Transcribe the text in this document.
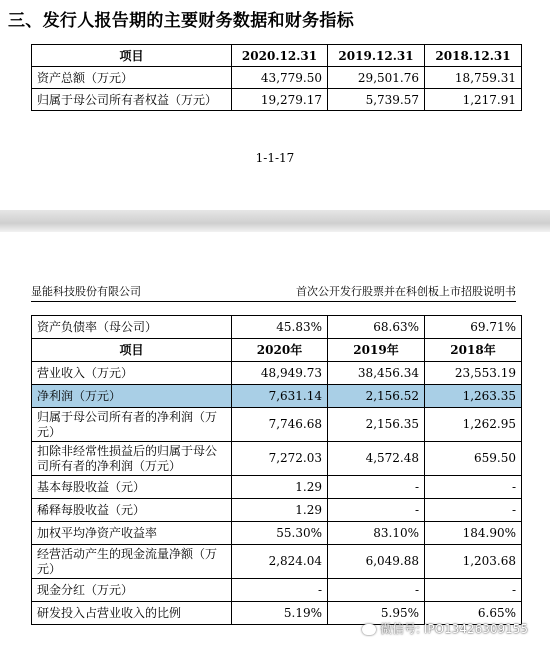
三、发行人报告期的主要财务数据和财务指标
项目	2020.12.31	2019.12.31	2018.12.31
资产总额（万元）	43,779.50	29,501.76	18,759.31
归属于母公司所有者权益（万元）	19,279.17	5,739.57	1,217.91
1-1-17
显能科技股份有限公司	首次公开发行股票并在科创板上市招股说明书
资产负债率（母公司）	45.83%	68.63%	69.71%
项目	2020年	2019年	2018年
营业收入（万元）	48,949.73	38,456.34	23,553.19
净利润（万元）	7,631.14	2,156.52	1,263.35
归属于母公司所有者的净利润（万元）	7,746.68	2,156.35	1,262.95
扣除非经常性损益后的归属于母公司所有者的净利润（万元）	7,272.03	4,572.48	659.50
基本每股收益（元）	1.29	-	-
稀释每股收益（元）	1.29	-	-
加权平均净资产收益率	55.30%	83.10%	184.90%
经营活动产生的现金流量净额（万元）	2,824.04	6,049.88	1,203.68
现金分红（万元）	-	-	-
研发投入占营业收入的比例	5.19%	5.95%	6.65%
微信号: IPO13426309155
